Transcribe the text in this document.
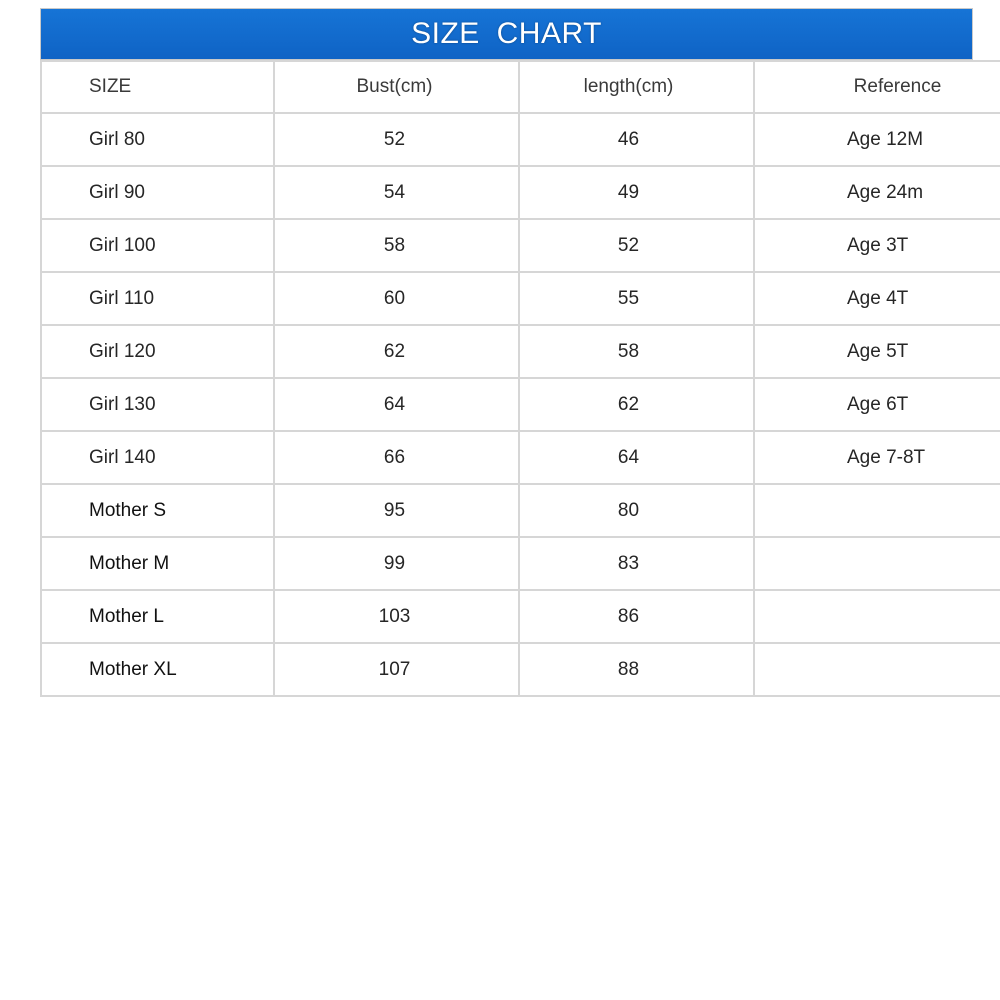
SIZE CHART
SIZE	Bust(cm)	length(cm)	Reference
Girl 80	52	46	Age 12M
Girl 90	54	49	Age 24m
Girl 100	58	52	Age 3T
Girl 110	60	55	Age 4T
Girl 120	62	58	Age 5T
Girl 130	64	62	Age 6T
Girl 140	66	64	Age 7-8T
Mother S	95	80	
Mother M	99	83	
Mother L	103	86	
Mother XL	107	88	
